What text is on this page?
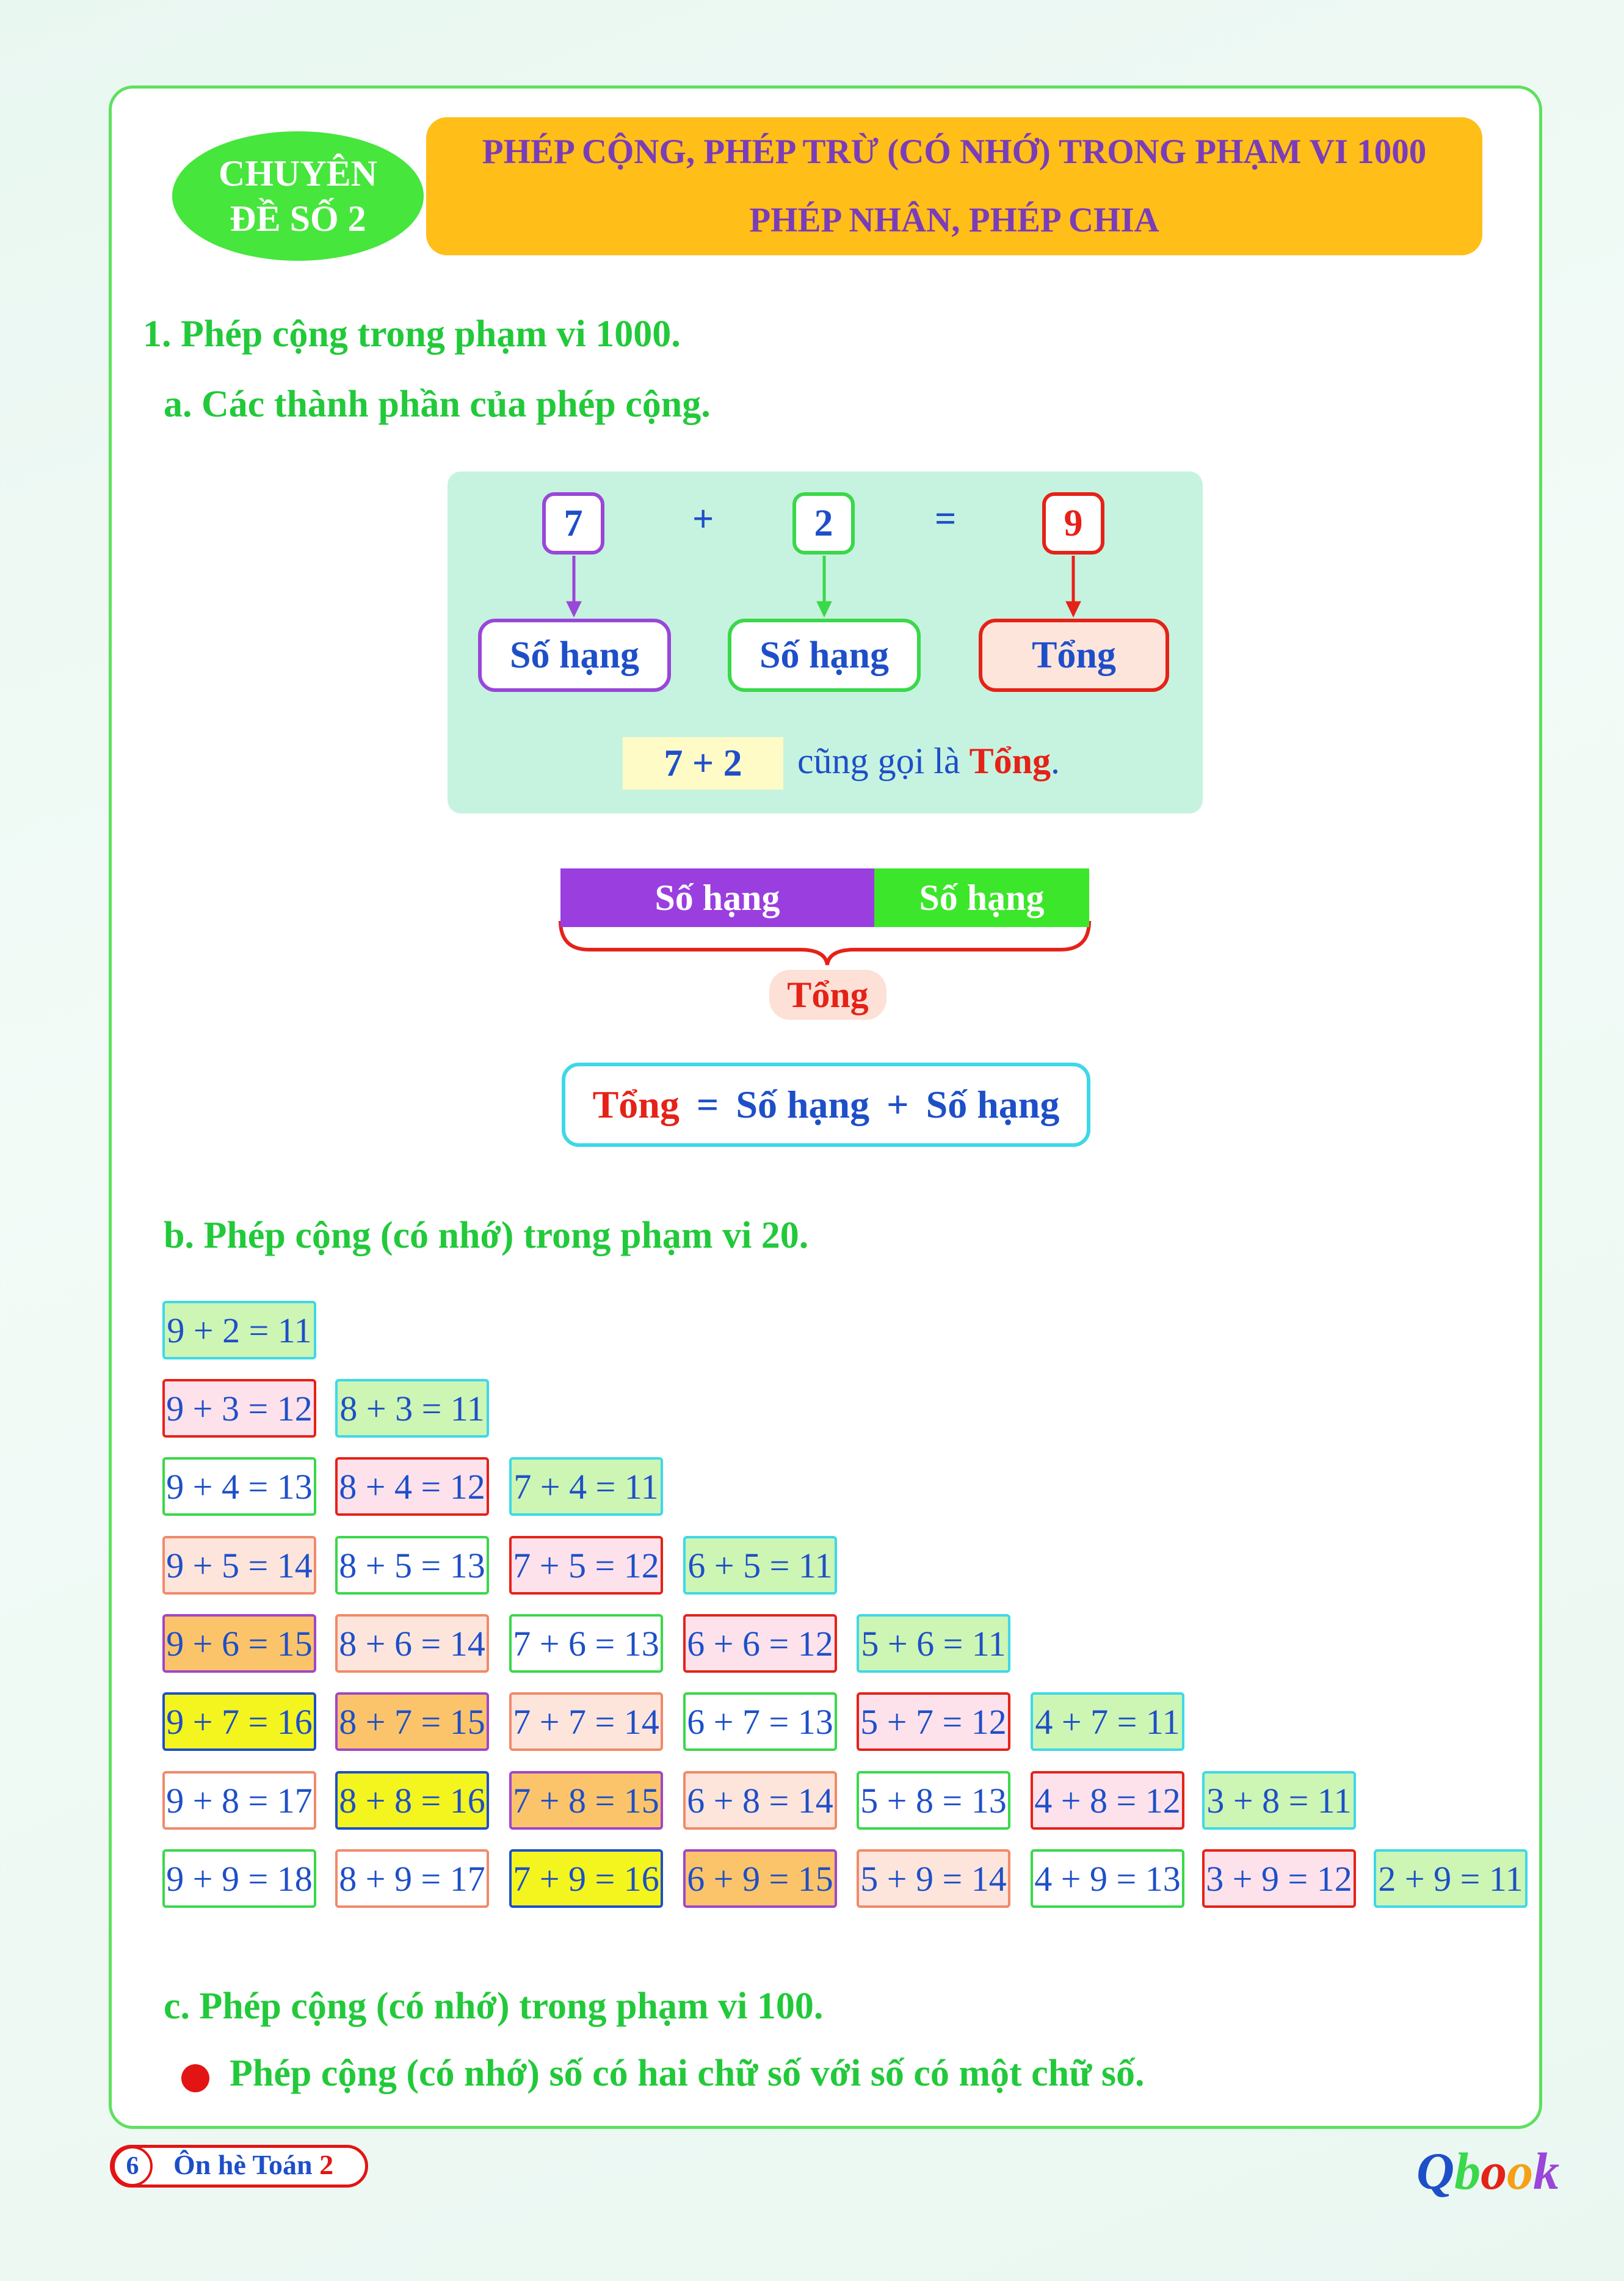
CHUYÊN
ĐỀ SỐ 2
PHÉP CỘNG, PHÉP TRỪ (CÓ NHỚ) TRONG PHẠM VI 1000
PHÉP NHÂN, PHÉP CHIA
1. Phép cộng trong phạm vi 1000.
a. Các thành phần của phép cộng.
7	+	2	=	9
Số hạng	Số hạng	Tổng
7 + 2	cũng gọi là Tổng.
Số hạng	Số hạng
Tổng
Tổng = Số hạng + Số hạng
b. Phép cộng (có nhớ) trong phạm vi 20.
9 + 2 = 11
9 + 3 = 12 8 + 3 = 11
9 + 4 = 13 8 + 4 = 12 7 + 4 = 11
9 + 5 = 14 8 + 5 = 13 7 + 5 = 12 6 + 5 = 11
9 + 6 = 15 8 + 6 = 14 7 + 6 = 13 6 + 6 = 12 5 + 6 = 11
9 + 7 = 16 8 + 7 = 15 7 + 7 = 14 6 + 7 = 13 5 + 7 = 12 4 + 7 = 11
9 + 8 = 17 8 + 8 = 16 7 + 8 = 15 6 + 8 = 14 5 + 8 = 13 4 + 8 = 12 3 + 8 = 11
9 + 9 = 18 8 + 9 = 17 7 + 9 = 16 6 + 9 = 15 5 + 9 = 14 4 + 9 = 13 3 + 9 = 12 2 + 9 = 11
c. Phép cộng (có nhớ) trong phạm vi 100.
Phép cộng (có nhớ) số có hai chữ số với số có một chữ số.
6	Ôn hè Toán 2	Qbook
